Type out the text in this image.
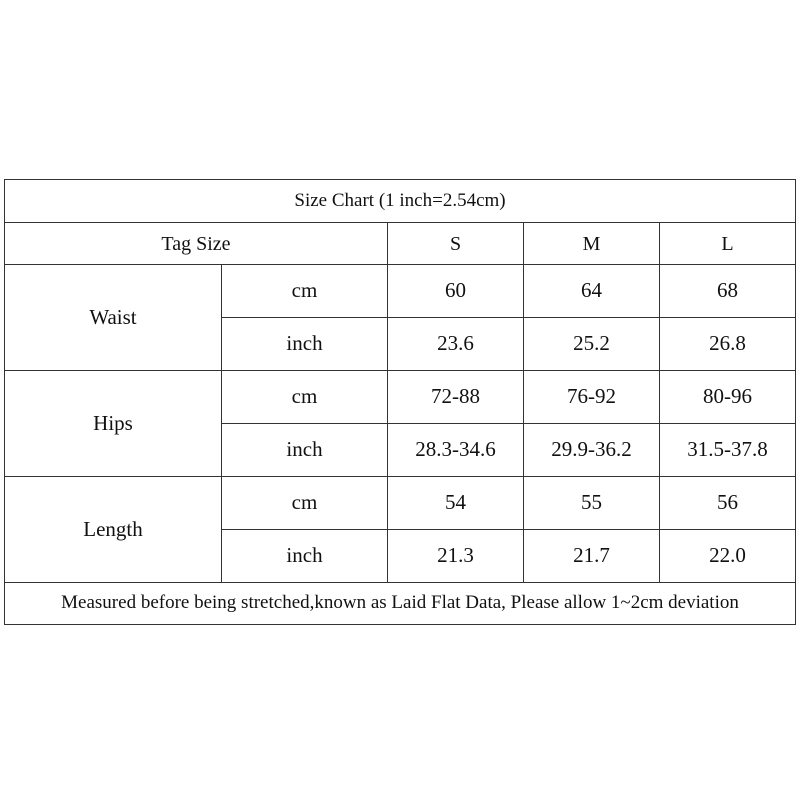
Size Chart (1 inch=2.54cm)				
Tag Size		S	M	L
Waist	cm	60	64	68
	inch	23.6	25.2	26.8
Hips	cm	72-88	76-92	80-96
	inch	28.3-34.6	29.9-36.2	31.5-37.8
Length	cm	54	55	56
	inch	21.3	21.7	22.0
Measured before being stretched,known as Laid Flat Data, Please allow 1~2cm deviation				
